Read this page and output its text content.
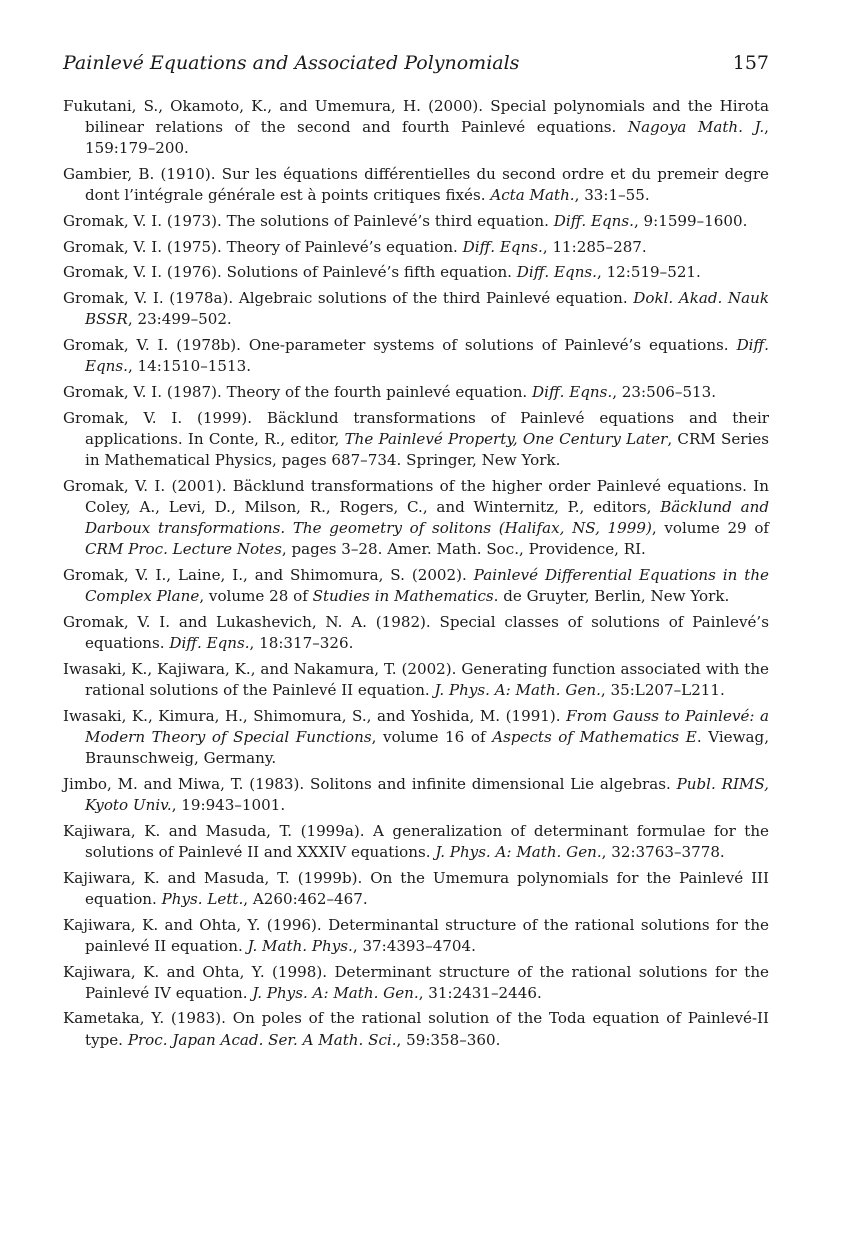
Painlevé Equations and Associated Polynomials	157

Fukutani, S., Okamoto, K., and Umemura, H. (2000). Special polynomials and the Hirota bilinear relations of the second and fourth Painlevé equations. Nagoya Math. J., 159:179–200.

Gambier, B. (1910). Sur les équations différentielles du second ordre et du premeir degre dont l’intégrale générale est à points critiques fixés. Acta Math., 33:1–55.

Gromak, V. I. (1973). The solutions of Painlevé’s third equation. Diff. Eqns., 9:1599–1600.

Gromak, V. I. (1975). Theory of Painlevé’s equation. Diff. Eqns., 11:285–287.

Gromak, V. I. (1976). Solutions of Painlevé’s fifth equation. Diff. Eqns., 12:519–521.

Gromak, V. I. (1978a). Algebraic solutions of the third Painlevé equation. Dokl. Akad. Nauk BSSR, 23:499–502.

Gromak, V. I. (1978b). One-parameter systems of solutions of Painlevé’s equations. Diff. Eqns., 14:1510–1513.

Gromak, V. I. (1987). Theory of the fourth painlevé equation. Diff. Eqns., 23:506–513.

Gromak, V. I. (1999). Bäcklund transformations of Painlevé equations and their applications. In Conte, R., editor, The Painlevé Property, One Century Later, CRM Series in Mathematical Physics, pages 687–734. Springer, New York.

Gromak, V. I. (2001). Bäcklund transformations of the higher order Painlevé equations. In Coley, A., Levi, D., Milson, R., Rogers, C., and Winternitz, P., editors, Bäcklund and Darboux transformations. The geometry of solitons (Halifax, NS, 1999), volume 29 of CRM Proc. Lecture Notes, pages 3–28. Amer. Math. Soc., Providence, RI.

Gromak, V. I., Laine, I., and Shimomura, S. (2002). Painlevé Differential Equations in the Complex Plane, volume 28 of Studies in Mathematics. de Gruyter, Berlin, New York.

Gromak, V. I. and Lukashevich, N. A. (1982). Special classes of solutions of Painlevé’s equations. Diff. Eqns., 18:317–326.

Iwasaki, K., Kajiwara, K., and Nakamura, T. (2002). Generating function associated with the rational solutions of the Painlevé II equation. J. Phys. A: Math. Gen., 35:L207–L211.

Iwasaki, K., Kimura, H., Shimomura, S., and Yoshida, M. (1991). From Gauss to Painlevé: a Modern Theory of Special Functions, volume 16 of Aspects of Mathematics E. Viewag, Braunschweig, Germany.

Jimbo, M. and Miwa, T. (1983). Solitons and infinite dimensional Lie algebras. Publ. RIMS, Kyoto Univ., 19:943–1001.

Kajiwara, K. and Masuda, T. (1999a). A generalization of determinant formulae for the solutions of Painlevé II and XXXIV equations. J. Phys. A: Math. Gen., 32:3763–3778.

Kajiwara, K. and Masuda, T. (1999b). On the Umemura polynomials for the Painlevé III equation. Phys. Lett., A260:462–467.

Kajiwara, K. and Ohta, Y. (1996). Determinantal structure of the rational solutions for the painlevé II equation. J. Math. Phys., 37:4393–4704.

Kajiwara, K. and Ohta, Y. (1998). Determinant structure of the rational solutions for the Painlevé IV equation. J. Phys. A: Math. Gen., 31:2431–2446.

Kametaka, Y. (1983). On poles of the rational solution of the Toda equation of Painlevé-II type. Proc. Japan Acad. Ser. A Math. Sci., 59:358–360.
